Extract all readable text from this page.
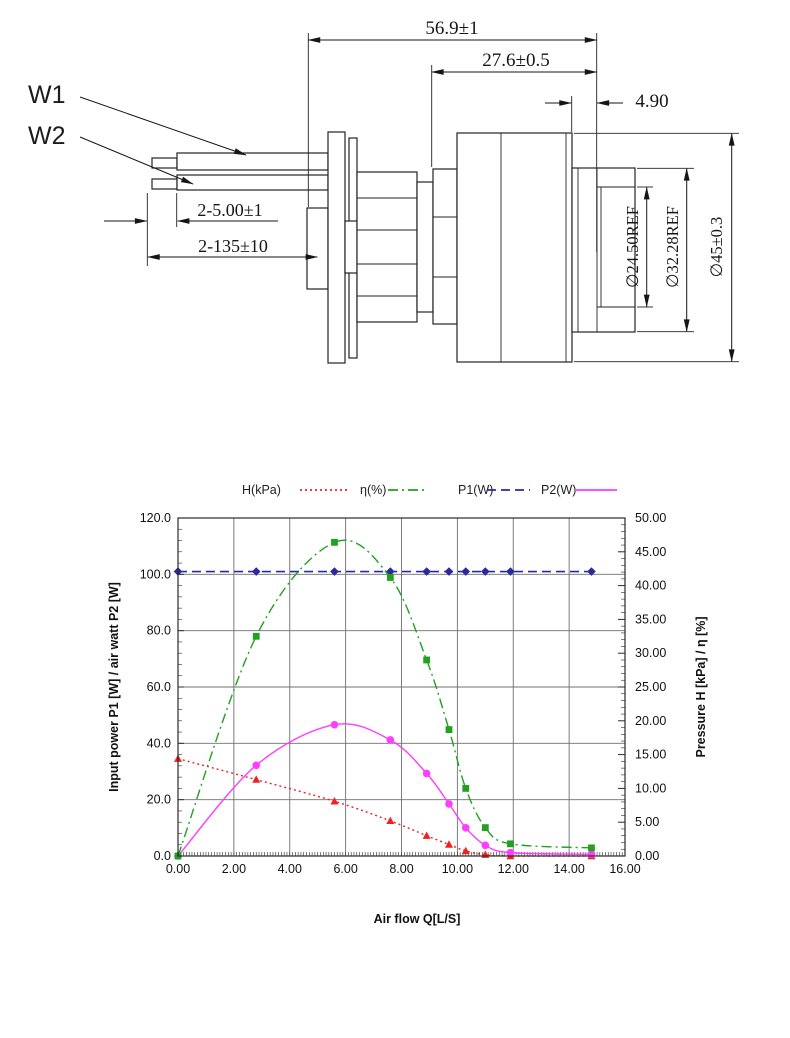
W1
W2
56.9±1
27.6±0.5
4.90
2-5.00±1
2-135±10	∅24.50REF ∅32.28REF ∅45±0.3
0.00	2.00	4.00	6.00	8.00 10.00 12.00 14.00 16.00
0.0
20.0
40.0
60.0
80.0
100.0
120.0
0.00
5.00
10.00
15.00
20.00
25.00
30.00
35.00
40.00
45.00
50.00
H(kPa)	η(%)	P1(W)	P2(W)
Air flow Q[L/S]
Input power P1 [W] / air watt P2 [W]	Pressure H [kPa] / η [%]
